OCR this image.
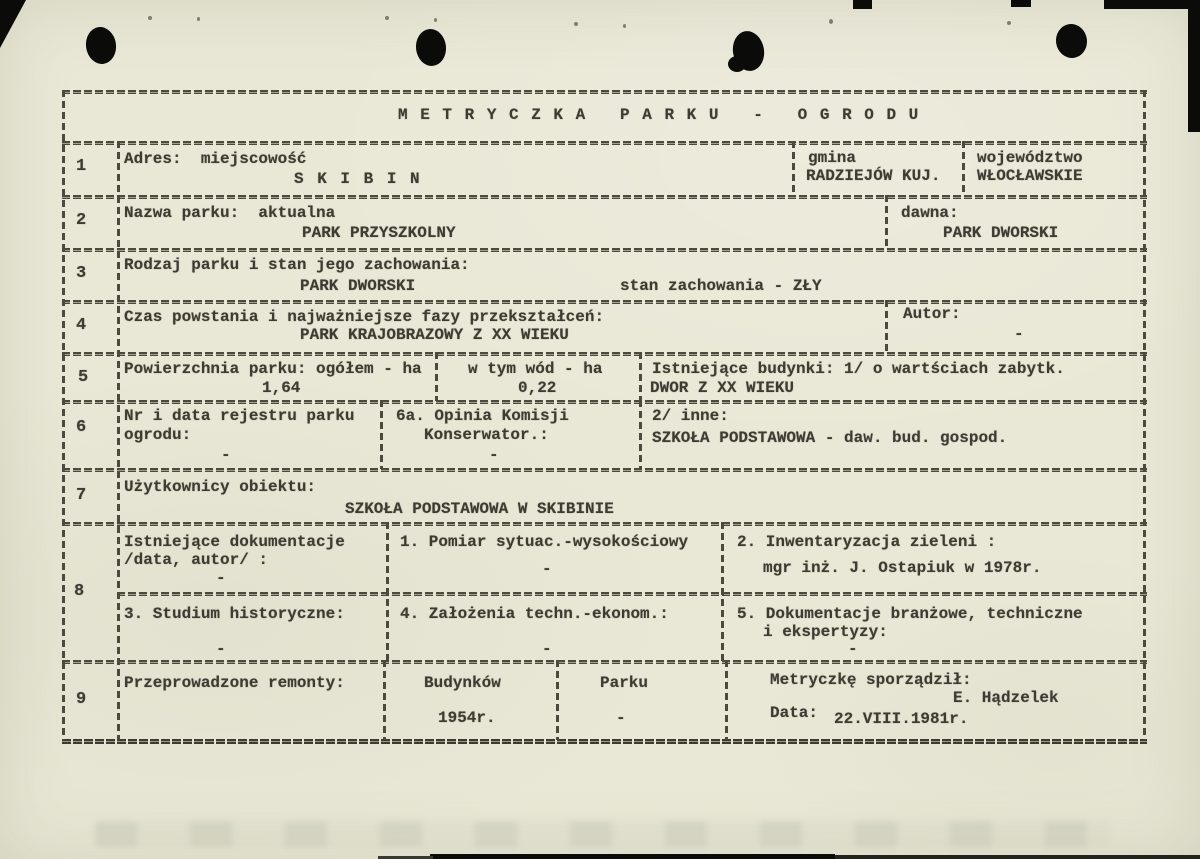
M E T R Y C Z K A   P A R K U   -   O G R O D U
1 Adres:  miejscowość
S K I B I N
gmina
RADZIEJÓW KUJ.
województwo
WŁOCŁAWSKIE
2 Nazwa parku:  aktualna
PARK PRZYSZKOLNY
dawna:
PARK DWORSKI
3 Rodzaj parku i stan jego zachowania:
PARK DWORSKI	stan zachowania - ZŁY
4 Czas powstania i najważniejsze fazy przekształceń:
PARK KRAJOBRAZOWY Z XX WIEKU
Autor:
-
5 Powierzchnia parku: ogółem - ha
1,64
w tym wód - ha
0,22
Istniejące budynki: 1/ o wartściach zabytk.
DWOR Z XX WIEKU
6
Nr i data rejestru parku
ogrodu:
-
6a. Opinia Komisji
Konserwator.:
-
2/ inne:
SZKOŁA PODSTAWOWA - daw. bud. gospod.
7 Użytkownicy obiektu:
SZKOŁA PODSTAWOWA W SKIBINIE
8
Istniejące dokumentacje
/data, autor/ :
-
1. Pomiar sytuac.-wysokościowy
-
2. Inwentaryzacja zieleni :
mgr inż. J. Ostapiuk w 1978r.
3. Studium historyczne:
-
4. Założenia techn.-ekonom.:
-
5. Dokumentacje branżowe, techniczne
i ekspertyzy:
-
9
Przeprowadzone remonty:	Budynków
1954r.
Parku
-
Metryczkę sporządził:
E. Hądzelek
Data: 22.VIII.1981r.
